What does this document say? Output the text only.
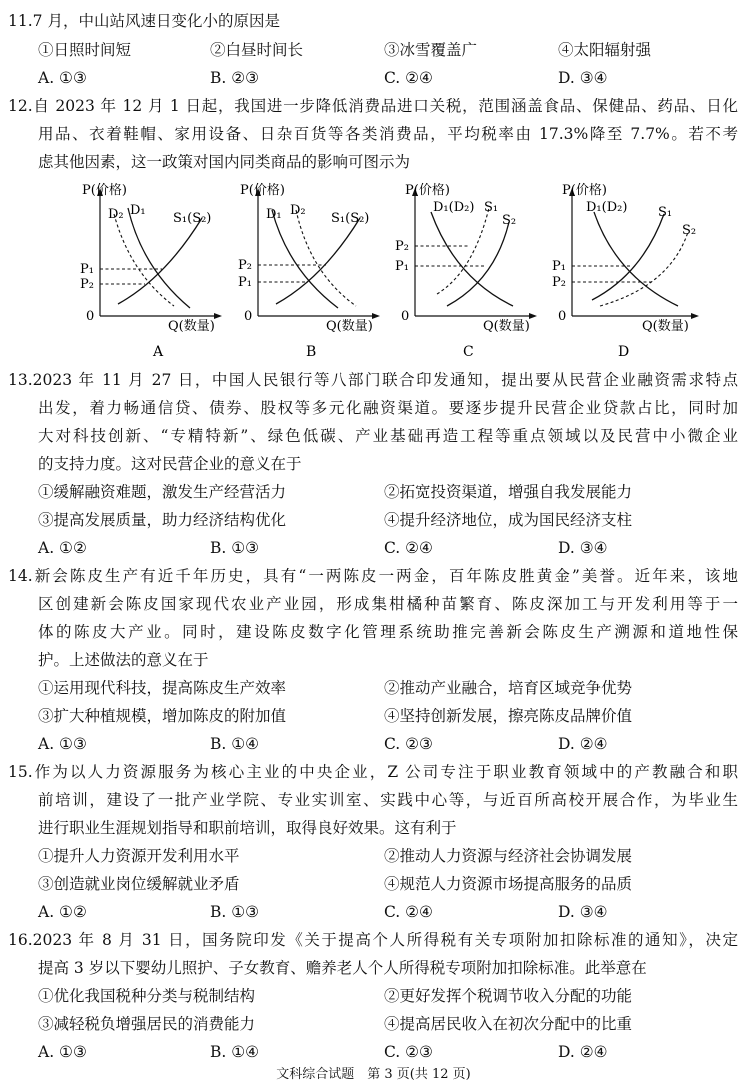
11.7 月，中山站风速日变化小的原因是
①日照时间短	②白昼时间长	③冰雪覆盖广	④太阳辐射强
A. ①③	B. ②③	C. ②④	D. ③④
12.自 2023 年 12 月 1 日起，我国进一步降低消费品进口关税，范围涵盖食品、保健品、药品、日化
用品、衣着鞋帽、家用设备、日杂百货等各类消费品，平均税率由 17.3%降至 7.7%。若不考
虑其他因素，这一政策对国内同类商品的影响可图示为
P(价格)
D₂ D₁
S₁(S₂)
P₁
P₂
0
Q(数量)
A
P(价格)
D₁ D₂
S₁(S₂)
P₂
P₁
0
Q(数量)
B
P(价格)
D₁(D₂) S₁
S₂
P₂
P₁
0
Q(数量)
C
P(价格)
D₁(D₂) S₁
S₂
P₁
P₂
0
Q(数量)
D
13.2023 年 11 月 27 日，中国人民银行等八部门联合印发通知，提出要从民营企业融资需求特点
出发，着力畅通信贷、债券、股权等多元化融资渠道。要逐步提升民营企业贷款占比，同时加
大对科技创新、“专精特新”、绿色低碳、产业基础再造工程等重点领域以及民营中小微企业
的支持力度。这对民营企业的意义在于
①缓解融资难题，激发生产经营活力	②拓宽投资渠道，增强自我发展能力
③提高发展质量，助力经济结构优化	④提升经济地位，成为国民经济支柱
A. ①②	B. ①③	C. ②④	D. ③④
14.新会陈皮生产有近千年历史，具有“一两陈皮一两金，百年陈皮胜黄金”美誉。近年来，该地
区创建新会陈皮国家现代农业产业园，形成集柑橘种苗繁育、陈皮深加工与开发利用等于一
体的陈皮大产业。同时，建设陈皮数字化管理系统助推完善新会陈皮生产溯源和道地性保
护。上述做法的意义在于
①运用现代科技，提高陈皮生产效率	②推动产业融合，培育区域竞争优势
③扩大种植规模，增加陈皮的附加值	④坚持创新发展，擦亮陈皮品牌价值
A. ①③	B. ①④	C. ②③	D. ②④
15.作为以人力资源服务为核心主业的中央企业，Z 公司专注于职业教育领域中的产教融合和职
前培训，建设了一批产业学院、专业实训室、实践中心等，与近百所高校开展合作，为毕业生
进行职业生涯规划指导和职前培训，取得良好效果。这有利于
①提升人力资源开发利用水平	②推动人力资源与经济社会协调发展
③创造就业岗位缓解就业矛盾	④规范人力资源市场提高服务的品质
A. ①②	B. ①③	C. ②④	D. ③④
16.2023 年 8 月 31 日，国务院印发《关于提高个人所得税有关专项附加扣除标准的通知》，决定
提高 3 岁以下婴幼儿照护、子女教育、赡养老人个人所得税专项附加扣除标准。此举意在
①优化我国税种分类与税制结构	②更好发挥个税调节收入分配的功能
③减轻税负增强居民的消费能力	④提高居民收入在初次分配中的比重
A. ①③	B. ①④	C. ②③	D. ②④
文科综合试题　第 3 页(共 12 页)
